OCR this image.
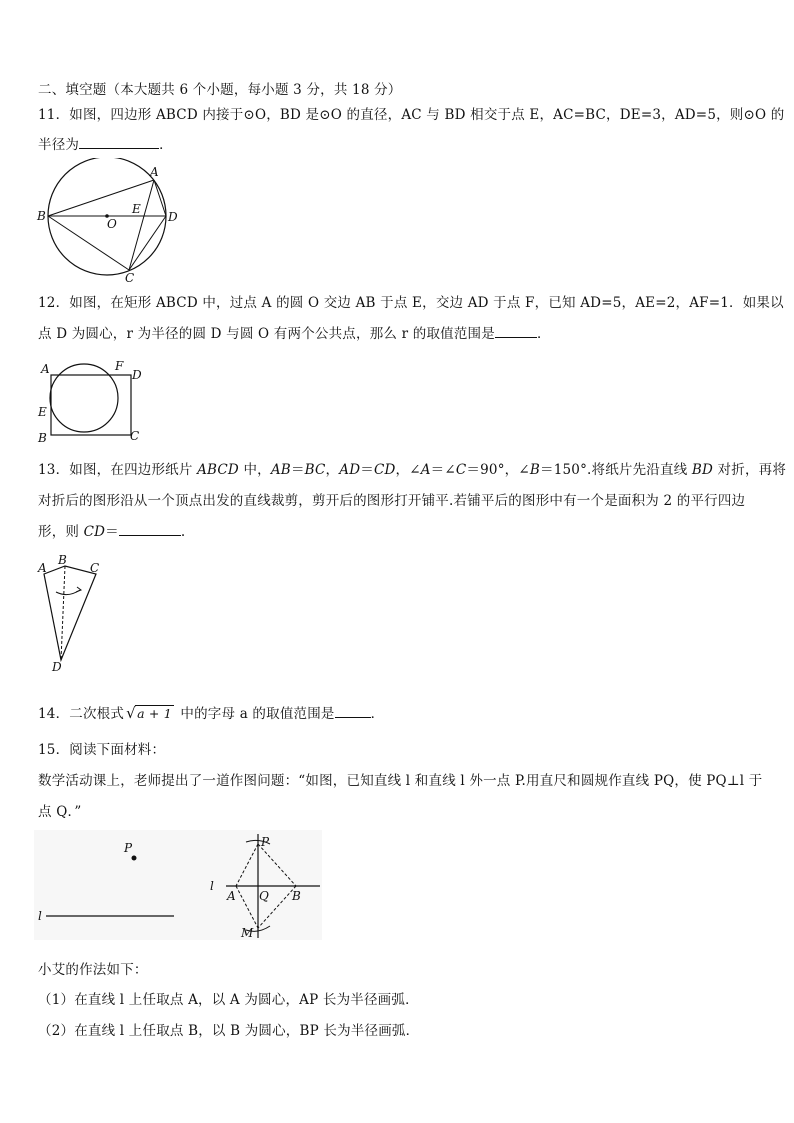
二、填空题（本大题共 6 个小题，每小题 3 分，共 18 分）
11．如图，四边形 ABCD 内接于⊙O，BD 是⊙O 的直径，AC 与 BD 相交于点 E，AC=BC，DE=3，AD=5，则⊙O 的
半径为	．
A
B	D
C
E
O
12．如图，在矩形 ABCD 中，过点 A 的圆 O 交边 AB 于点 E，交边 AD 于点 F，已知 AD=5，AE=2，AF=1．如果以
点 D 为圆心，r 为半径的圆 D 与圆 O 有两个公共点，那么 r 的取值范围是	．
A	F
D
E
B	C
13．如图，在四边形纸片 ABCD 中，AB＝BC，AD＝CD，∠A＝∠C＝90°，∠B＝150°.将纸片先沿直线 BD 对折，再将
对折后的图形沿从一个顶点出发的直线裁剪，剪开后的图形打开铺平.若铺平后的图形中有一个是面积为 2 的平行四边
形，则 CD＝	.
A
B
C
D
14．二次根式 √ a + 1 中的字母 a 的取值范围是	．
15．阅读下面材料：
数学活动课上，老师提出了一道作图问题：“如图，已知直线 l 和直线 l 外一点 P.用直尺和圆规作直线 PQ，使 PQ⊥l 于
点 Q．”
P
l
l
P
A Q B
M
小艾的作法如下：
（1）在直线 l 上任取点 A，以 A 为圆心，AP 长为半径画弧．
（2）在直线 l 上任取点 B，以 B 为圆心，BP 长为半径画弧．
